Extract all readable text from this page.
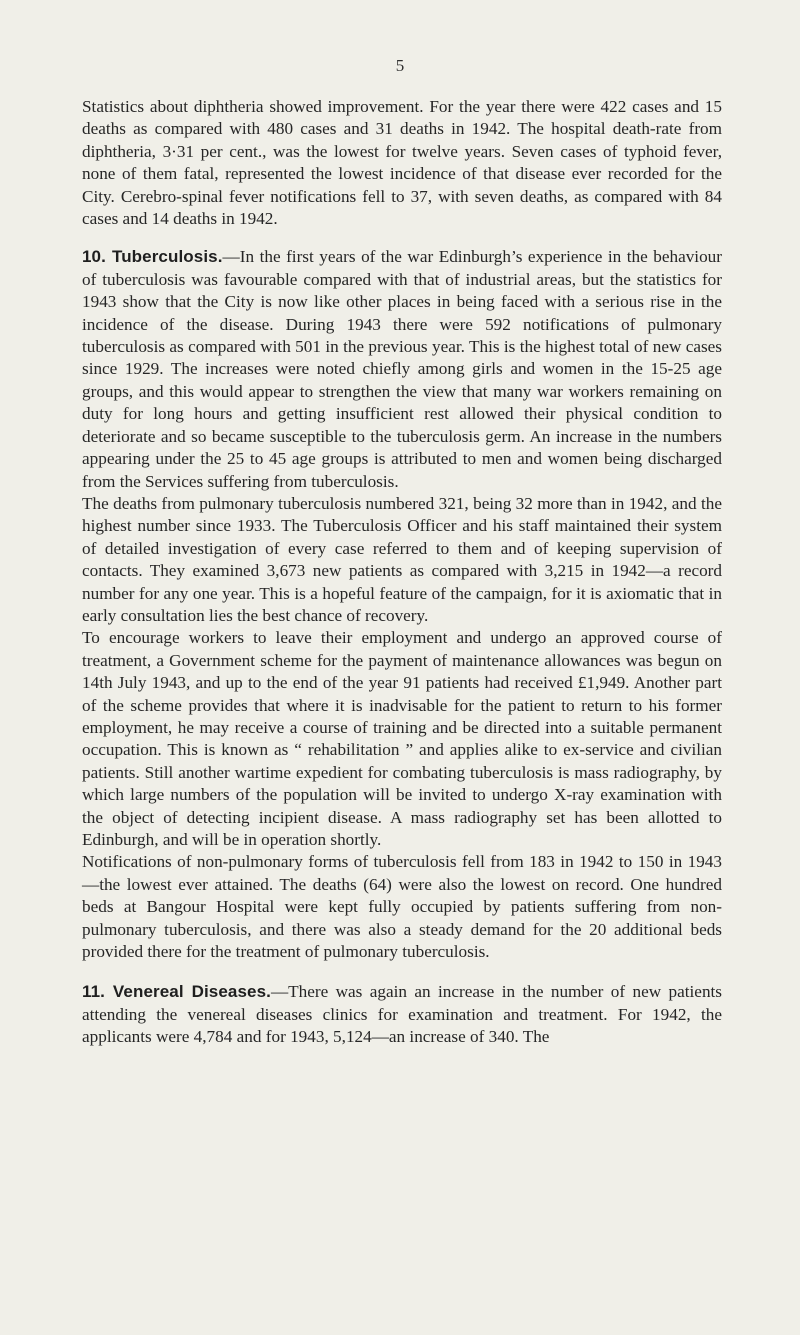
5

Statistics about diphtheria showed improvement. For the year there were 422 cases and 15 deaths as compared with 480 cases and 31 deaths in 1942. The hospital death-rate from diphtheria, 3·31 per cent., was the lowest for twelve years. Seven cases of typhoid fever, none of them fatal, represented the lowest incidence of that disease ever recorded for the City. Cerebro-spinal fever notifications fell to 37, with seven deaths, as compared with 84 cases and 14 deaths in 1942.

10. Tuberculosis.—In the first years of the war Edinburgh’s experience in the behaviour of tuberculosis was favourable compared with that of industrial areas, but the statistics for 1943 show that the City is now like other places in being faced with a serious rise in the incidence of the disease. During 1943 there were 592 notifications of pulmonary tuberculosis as compared with 501 in the previous year. This is the highest total of new cases since 1929. The increases were noted chiefly among girls and women in the 15-25 age groups, and this would appear to strengthen the view that many war workers remaining on duty for long hours and getting insufficient rest allowed their physical condition to deteriorate and so became susceptible to the tuberculosis germ. An increase in the numbers appearing under the 25 to 45 age groups is attributed to men and women being discharged from the Services suffering from tuberculosis.

The deaths from pulmonary tuberculosis numbered 321, being 32 more than in 1942, and the highest number since 1933. The Tuberculosis Officer and his staff maintained their system of detailed investigation of every case referred to them and of keeping supervision of contacts. They examined 3,673 new patients as compared with 3,215 in 1942—a record number for any one year. This is a hopeful feature of the campaign, for it is axiomatic that in early consultation lies the best chance of recovery.

To encourage workers to leave their employment and undergo an approved course of treatment, a Government scheme for the payment of maintenance allowances was begun on 14th July 1943, and up to the end of the year 91 patients had received £1,949. Another part of the scheme provides that where it is inadvisable for the patient to return to his former employment, he may receive a course of training and be directed into a suitable permanent occupation. This is known as “ rehabilitation ” and applies alike to ex-service and civilian patients. Still another wartime expedient for combating tuberculosis is mass radiography, by which large numbers of the population will be invited to undergo X-ray examination with the object of detecting incipient disease. A mass radiography set has been allotted to Edinburgh, and will be in operation shortly.

Notifications of non-pulmonary forms of tuberculosis fell from 183 in 1942 to 150 in 1943—the lowest ever attained. The deaths (64) were also the lowest on record. One hundred beds at Bangour Hospital were kept fully occupied by patients suffering from non-pulmonary tuberculosis, and there was also a steady demand for the 20 additional beds provided there for the treatment of pulmonary tuberculosis.

11. Venereal Diseases.—There was again an increase in the number of new patients attending the venereal diseases clinics for examination and treatment. For 1942, the applicants were 4,784 and for 1943, 5,124—an increase of 340. The
